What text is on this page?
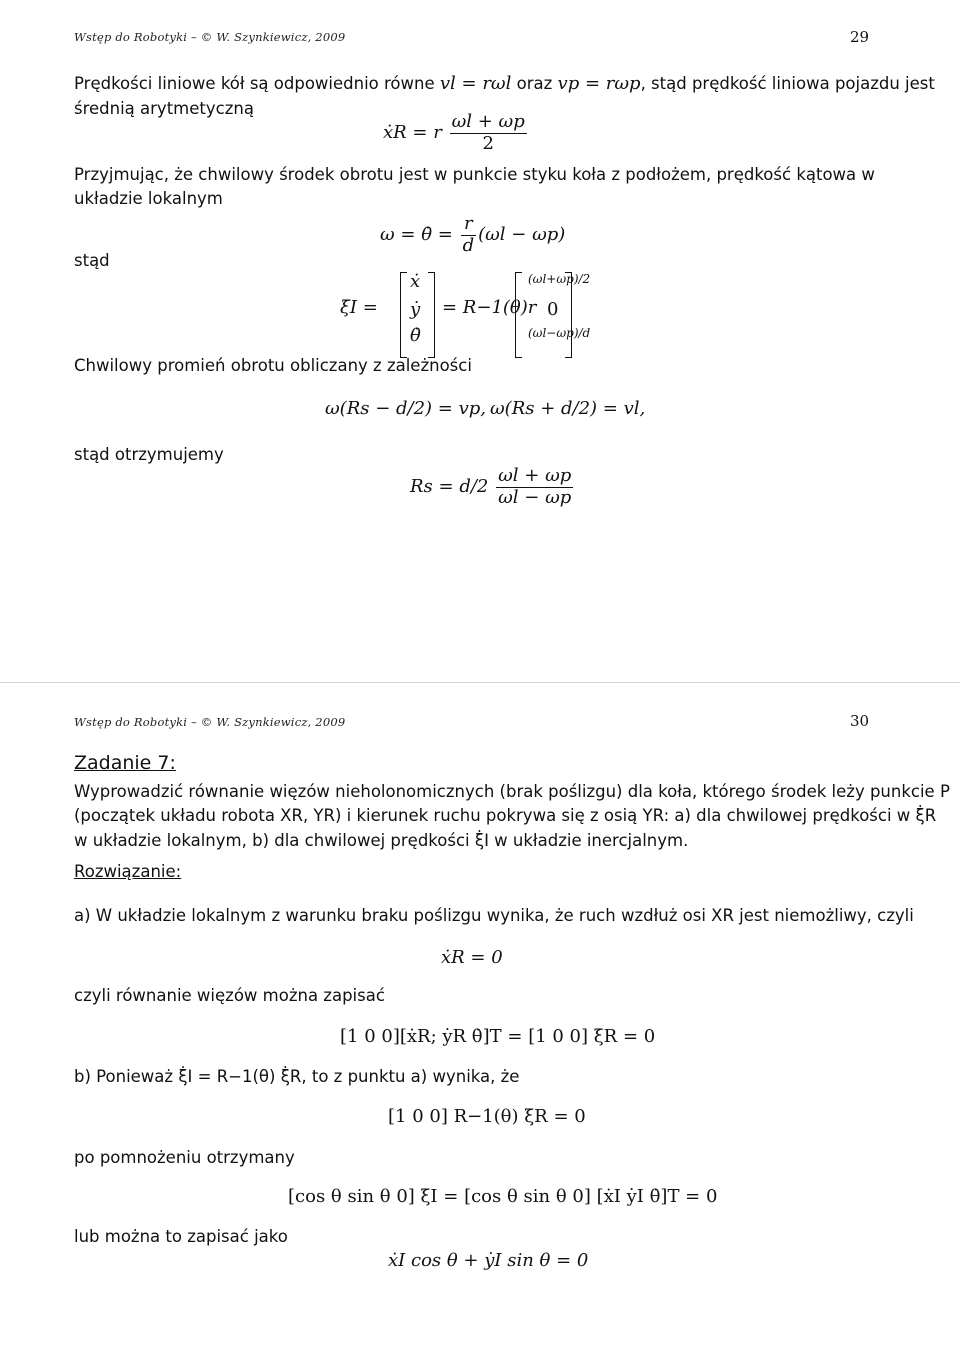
Wstęp do Robotyki – © W. Szynkiewicz, 2009	29
Prędkości liniowe kół są odpowiednio równe vl = rωl oraz vp = rωp, stąd prędkość liniowa pojazdu jest
średnią arytmetyczną
ẋR = r $\frac{\omega l + \omega p}{2}$
Przyjmując, że chwilowy środek obrotu jest w punkcie styku koła z podłożem, prędkość kątowa w układzie lokalnym
ω = θ̇ = $\frac{r}{d} (\omega l - \omega p)$
stąd
ξ̇I =
ẋ
ẏ
θ̇
= R−1(θ)r
(ωl+ωp)/2
0
(ωl−ωp)/d
Chwilowy promień obrotu obliczany z zależności
ω(Rs − d/2) = vp, ω(Rs + d/2) = vl,
stąd otrzymujemy
$Rs = d/2 \frac{\omega l + \omega p}{\omega l - \omega p}$
Wstęp do Robotyki – © W. Szynkiewicz, 2009	30
Zadanie 7:
Wyprowadzić równanie więzów nieholonomicznych (brak poślizgu) dla koła, którego środek leży punkcie P
(początek układu robota XR, YR) i kierunek ruchu pokrywa się z osią YR: a) dla chwilowej prędkości w ξ̇R
w układzie lokalnym, b) dla chwilowej prędkości ξ̇I w układzie inercjalnym.
Rozwiązanie:
a) W układzie lokalnym z warunku braku poślizgu wynika, że ruch wzdłuż osi XR jest niemożliwy, czyli
ẋR = 0
czyli równanie więzów można zapisać
[1 0 0][ẋR; ẏR θ̇]T = [1 0 0] ξ̇R = 0
b) Ponieważ ξ̇I = R−1(θ) ξ̇R, to z punktu a) wynika, że
[1 0 0] R−1(θ) ξ̇R = 0
po pomnożeniu otrzymany
[cos θ sin θ 0] ξ̇I = [cos θ sin θ 0] [ẋI ẏI θ̇]T = 0
lub można to zapisać jako
ẋI cos θ + ẏI sin θ = 0
